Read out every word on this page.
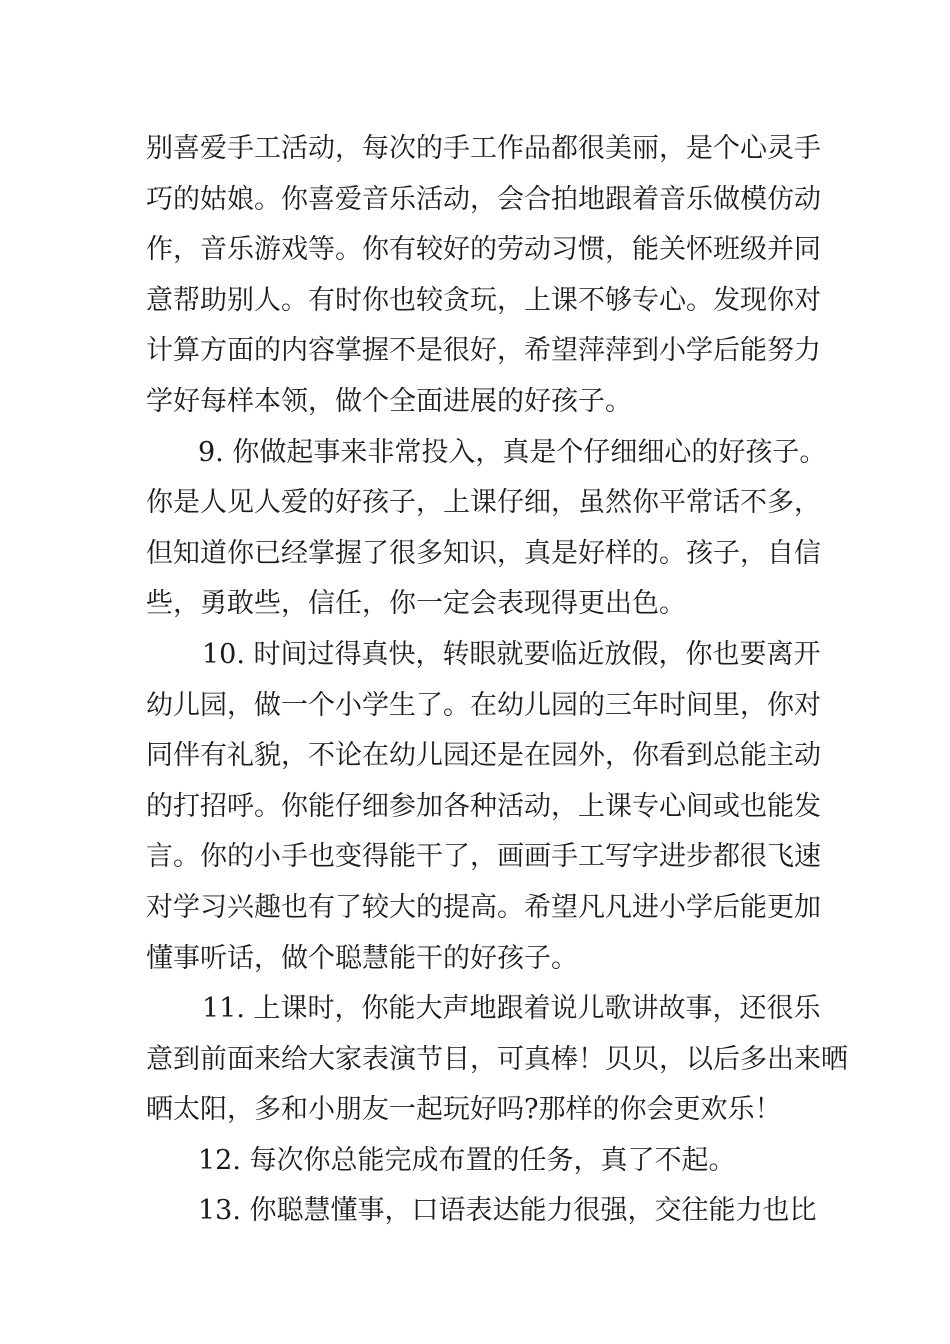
别喜爱手工活动，每次的手工作品都很美丽，是个心灵手
巧的姑娘。你喜爱音乐活动，会合拍地跟着音乐做模仿动
作，音乐游戏等。你有较好的劳动习惯，能关怀班级并同
意帮助别人。有时你也较贪玩，上课不够专心。发现你对
计算方面的内容掌握不是很好，希望萍萍到小学后能努力
学好每样本领，做个全面进展的好孩子。
9. 你做起事来非常投入，真是个仔细细心的好孩子。
你是人见人爱的好孩子，上课仔细，虽然你平常话不多，
但知道你已经掌握了很多知识，真是好样的。孩子，自信
些，勇敢些，信任，你一定会表现得更出色。
10. 时间过得真快，转眼就要临近放假，你也要离开
幼儿园，做一个小学生了。在幼儿园的三年时间里，你对
同伴有礼貌，不论在幼儿园还是在园外，你看到总能主动
的打招呼。你能仔细参加各种活动，上课专心间或也能发
言。你的小手也变得能干了，画画手工写字进步都很飞速
对学习兴趣也有了较大的提高。希望凡凡进小学后能更加
懂事听话，做个聪慧能干的好孩子。
11. 上课时，你能大声地跟着说儿歌讲故事，还很乐
意到前面来给大家表演节目，可真棒！贝贝，以后多出来晒
晒太阳，多和小朋友一起玩好吗?那样的你会更欢乐！
12. 每次你总能完成布置的任务，真了不起。
13. 你聪慧懂事，口语表达能力很强，交往能力也比
